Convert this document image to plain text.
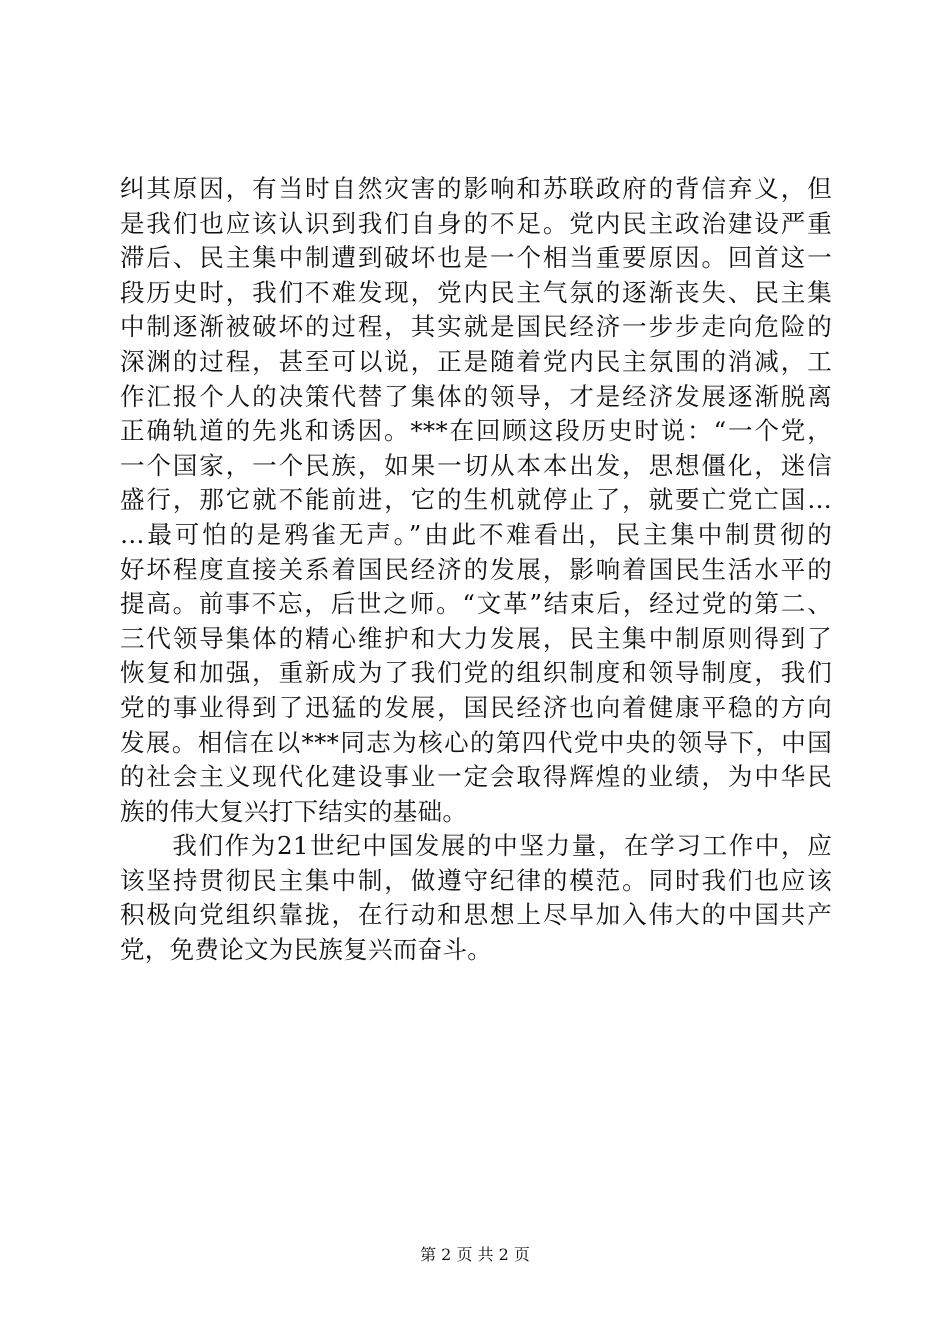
纠其原因，有当时自然灾害的影响和苏联政府的背信弃义，但
是我们也应该认识到我们自身的不足。党内民主政治建设严重
滞后、民主集中制遭到破坏也是一个相当重要原因。回首这一
段历史时，我们不难发现，党内民主气氛的逐渐丧失、民主集
中制逐渐被破坏的过程，其实就是国民经济一步步走向危险的
深渊的过程，甚至可以说，正是随着党内民主氛围的消减，工
作汇报个人的决策代替了集体的领导，才是经济发展逐渐脱离
正确轨道的先兆和诱因。***在回顾这段历史时说：“一个党，
一个国家，一个民族，如果一切从本本出发，思想僵化，迷信
盛行，那它就不能前进，它的生机就停止了，就要亡党亡国…
…最可怕的是鸦雀无声。”由此不难看出，民主集中制贯彻的
好坏程度直接关系着国民经济的发展，影响着国民生活水平的
提高。前事不忘，后世之师。“文革”结束后，经过党的第二、
三代领导集体的精心维护和大力发展，民主集中制原则得到了
恢复和加强，重新成为了我们党的组织制度和领导制度，我们
党的事业得到了迅猛的发展，国民经济也向着健康平稳的方向
发展。相信在以***同志为核心的第四代党中央的领导下，中国
的社会主义现代化建设事业一定会取得辉煌的业绩，为中华民
族的伟大复兴打下结实的基础。
　　我们作为21世纪中国发展的中坚力量，在学习工作中，应
该坚持贯彻民主集中制，做遵守纪律的模范。同时我们也应该
积极向党组织靠拢，在行动和思想上尽早加入伟大的中国共产
党，免费论文为民族复兴而奋斗。
第 2 页 共 2 页
